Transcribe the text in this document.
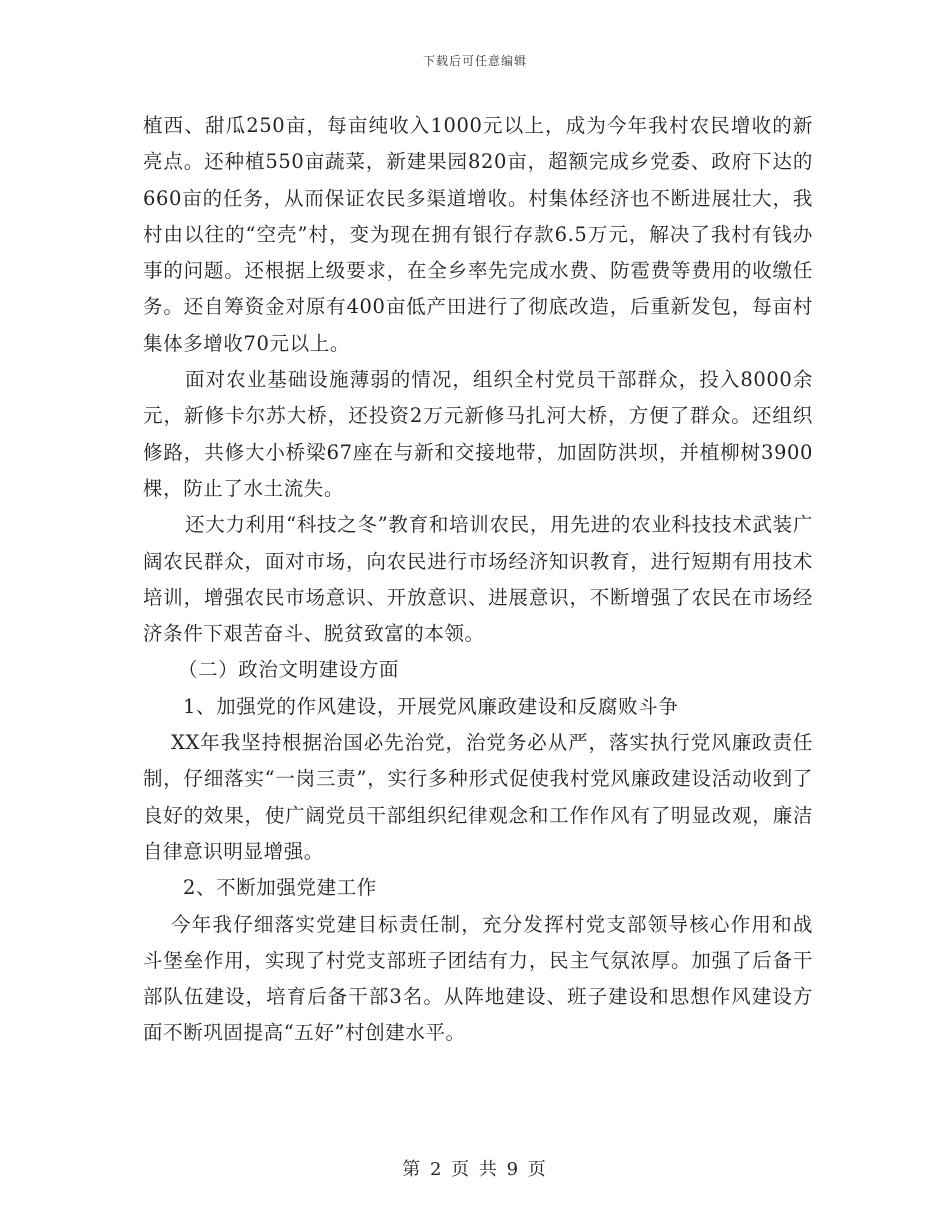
下载后可任意编辑

植西、甜瓜250亩，每亩纯收入1000元以上，成为今年我村农民增收的新亮点。还种植550亩蔬菜，新建果园820亩，超额完成乡党委、政府下达的660亩的任务，从而保证农民多渠道增收。村集体经济也不断进展壮大，我村由以往的“空壳”村，变为现在拥有银行存款6.5万元，解决了我村有钱办事的问题。还根据上级要求，在全乡率先完成水费、防雹费等费用的收缴任务。还自筹资金对原有400亩低产田进行了彻底改造，后重新发包，每亩村集体多增收70元以上。

面对农业基础设施薄弱的情况，组织全村党员干部群众，投入8000余元，新修卡尔苏大桥，还投资2万元新修马扎河大桥，方便了群众。还组织修路，共修大小桥梁67座在与新和交接地带，加固防洪坝，并植柳树3900棵，防止了水土流失。

还大力利用“科技之冬”教育和培训农民，用先进的农业科技技术武装广阔农民群众，面对市场，向农民进行市场经济知识教育，进行短期有用技术培训，增强农民市场意识、开放意识、进展意识，不断增强了农民在市场经济条件下艰苦奋斗、脱贫致富的本领。

（二）政治文明建设方面

1、加强党的作风建设，开展党风廉政建设和反腐败斗争

XX年我坚持根据治国必先治党，治党务必从严，落实执行党风廉政责任制，仔细落实“一岗三责”，实行多种形式促使我村党风廉政建设活动收到了良好的效果，使广阔党员干部组织纪律观念和工作作风有了明显改观，廉洁自律意识明显增强。

2、不断加强党建工作

今年我仔细落实党建目标责任制，充分发挥村党支部领导核心作用和战斗堡垒作用，实现了村党支部班子团结有力，民主气氛浓厚。加强了后备干部队伍建设，培育后备干部3名。从阵地建设、班子建设和思想作风建设方面不断巩固提高“五好”村创建水平。

第 2 页 共 9 页
